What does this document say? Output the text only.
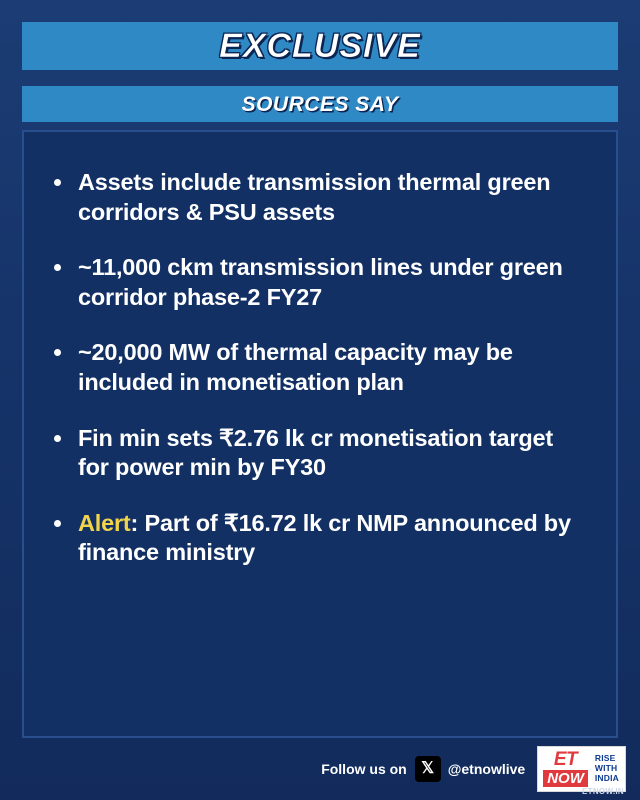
EXCLUSIVE
SOURCES SAY
Assets include transmission thermal green corridors & PSU assets
~11,000 ckm transmission lines under green corridor phase-2 FY27
~20,000 MW of thermal capacity may be included in monetisation plan
Fin min sets ₹2.76 lk cr monetisation target for power min by FY30
Alert: Part of ₹16.72 lk cr NMP announced by finance ministry
Follow us on 𝕏 @etnowlive ET
NOW
RISE
WITH
INDIA
ETNOW.IN
